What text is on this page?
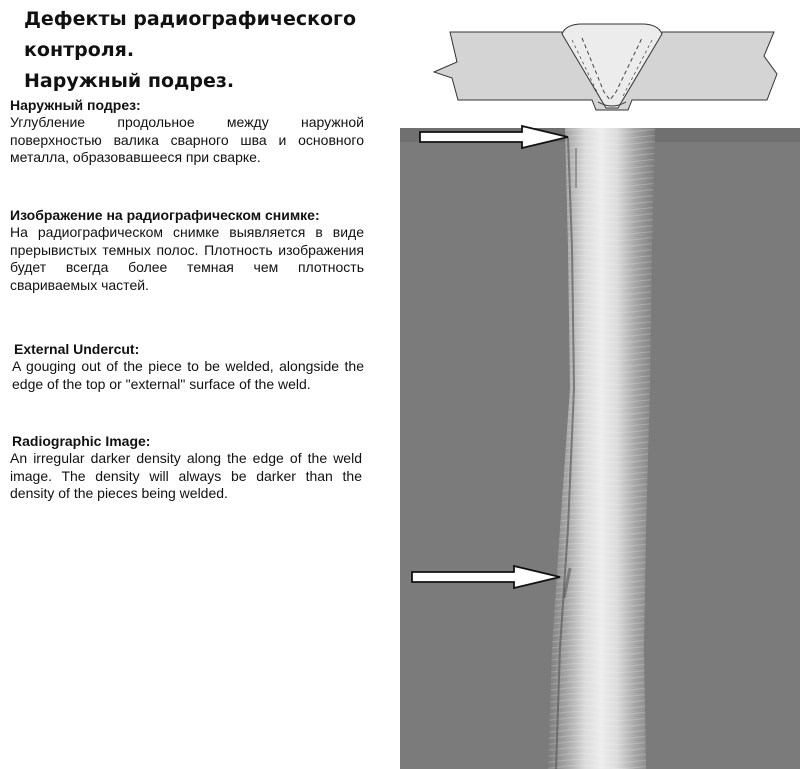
Дефекты радиографического
контроля.
Наружный подрез.
Наружный подрез:

Углубление продольное между наружной поверхностью валика сварного шва и основного металла, образовавшееся при сварке.

Изображение на радиографическом снимке:

На радиографическом снимке выявляется в виде прерывистых темных полос. Плотность изображения будет всегда более темная чем плотность свариваемых частей.

External Undercut:

A gouging out of the piece to be welded, alongside the edge of the top or "external" surface of the weld.

Radiographic Image:

An irregular darker density along the edge of the weld image. The density will always be darker than the density of the pieces being welded.
